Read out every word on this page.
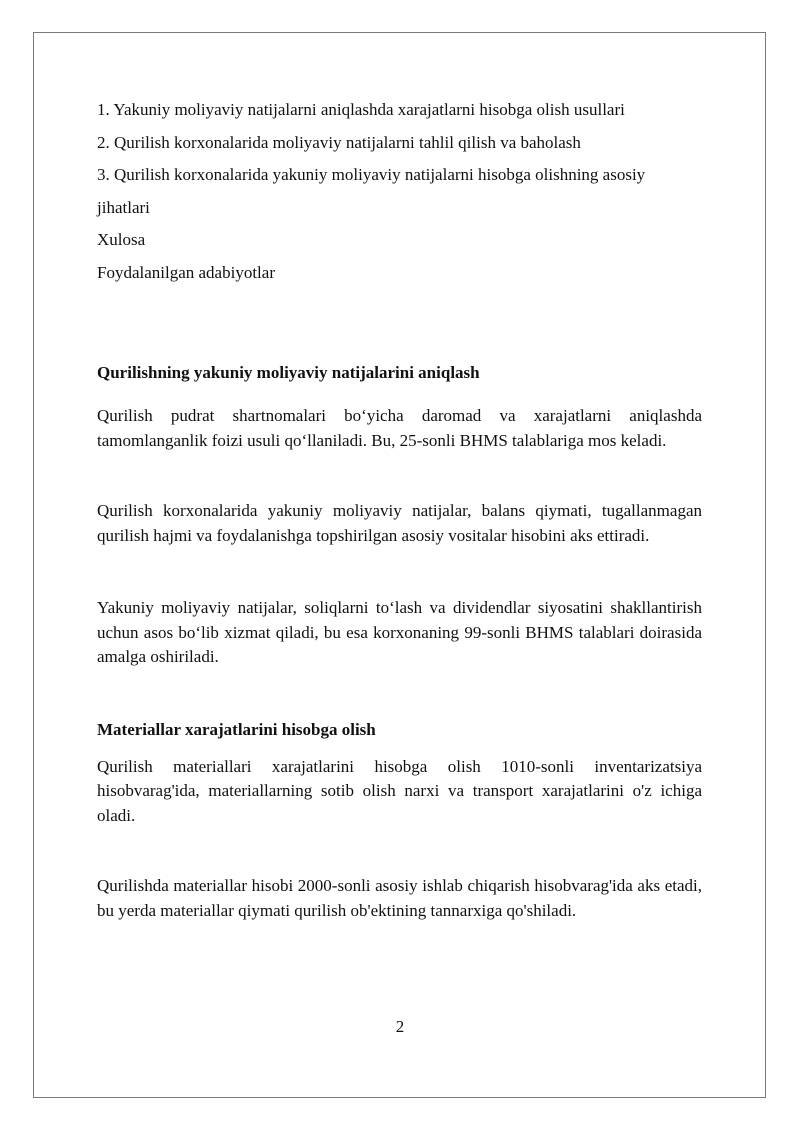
1. Yakuniy moliyaviy natijalarni aniqlashda xarajatlarni hisobga olish usullari

2. Qurilish korxonalarida moliyaviy natijalarni tahlil qilish va baholash

3. Qurilish korxonalarida yakuniy moliyaviy natijalarni hisobga olishning asosiy

jihatlari

Xulosa

Foydalanilgan adabiyotlar

Qurilishning yakuniy moliyaviy natijalarini aniqlash

Qurilish pudrat shartnomalari bo‘yicha daromad va xarajatlarni aniqlashda tamomlanganlik foizi usuli qo‘llaniladi. Bu, 25-sonli BHMS talablariga mos keladi.

Qurilish korxonalarida yakuniy moliyaviy natijalar, balans qiymati, tugallanmagan qurilish hajmi va foydalanishga topshirilgan asosiy vositalar hisobini aks ettiradi.

Yakuniy moliyaviy natijalar, soliqlarni to‘lash va dividendlar siyosatini shakllantirish uchun asos bo‘lib xizmat qiladi, bu esa korxonaning 99-sonli BHMS talablari doirasida amalga oshiriladi.

Materiallar xarajatlarini hisobga olish

Qurilish materiallari xarajatlarini hisobga olish 1010-sonli inventarizatsiya hisobvarag'ida, materiallarning sotib olish narxi va transport xarajatlarini o'z ichiga oladi.

Qurilishda materiallar hisobi 2000-sonli asosiy ishlab chiqarish hisobvarag'ida aks etadi, bu yerda materiallar qiymati qurilish ob'ektining tannarxiga qo'shiladi.

2
